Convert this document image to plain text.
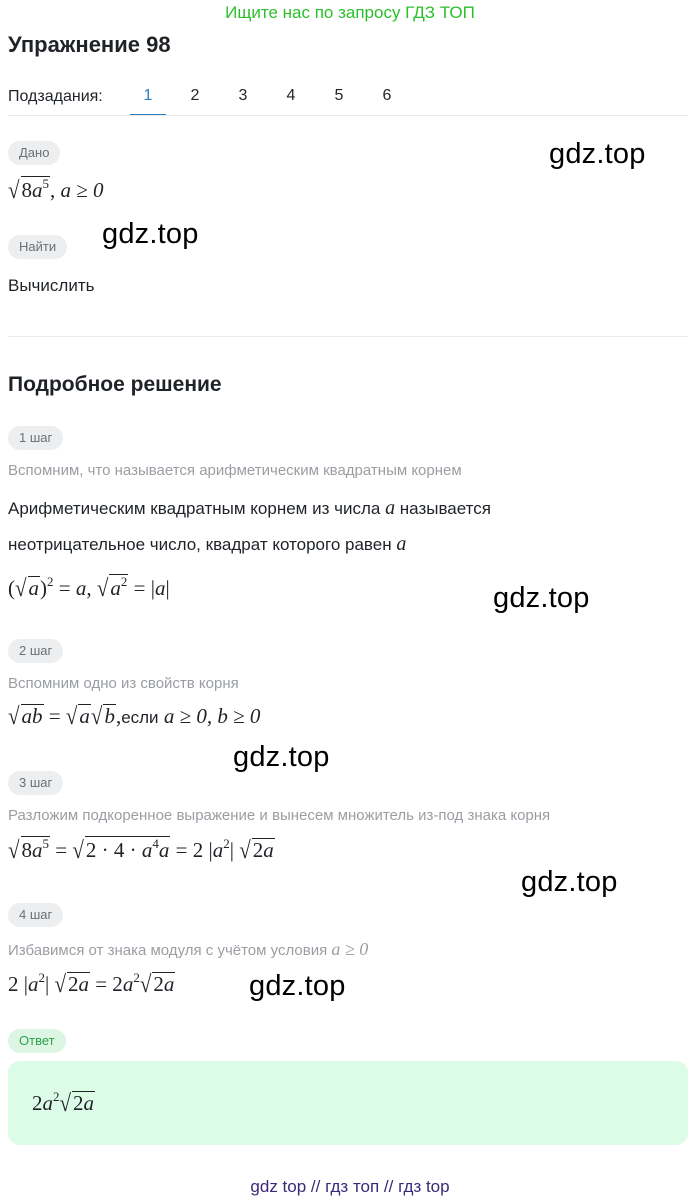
Ищите нас по запросу ГДЗ ТОП
Упражнение 98
Подзадания:	1	2	3	4	5	6
Дано
$√8a^5$, a ≥ 0
Найти
Вычислить
Подробное решение
1 шаг
Вспомним, что называется арифметическим квадратным корнем
Арифметическим квадратным корнем из числа a называется
неотрицательное число, квадрат которого равен a
$(√a)^2 = a$, $√a^2 = |a|$
2 шаг
Вспомним одно из свойств корня
√ab = √a√b,если a ≥ 0, b ≥ 0
3 шаг
Разложим подкоренное выражение и вынесем множитель из-под знака корня
$√8a^5 = √2 \cdot 4 \cdot a^4a = 2$ $|a^2|$ √2a
4 шаг
Избавимся от знака модуля с учётом условия a ≥ 0
2 $|a^2|$ $√2a = 2a^2√2a$
Ответ
$2a^2√2a$
gdz.top
gdz.top
gdz.top
gdz.top
gdz.top
gdz.top
gdz top // гдз топ // гдз top
